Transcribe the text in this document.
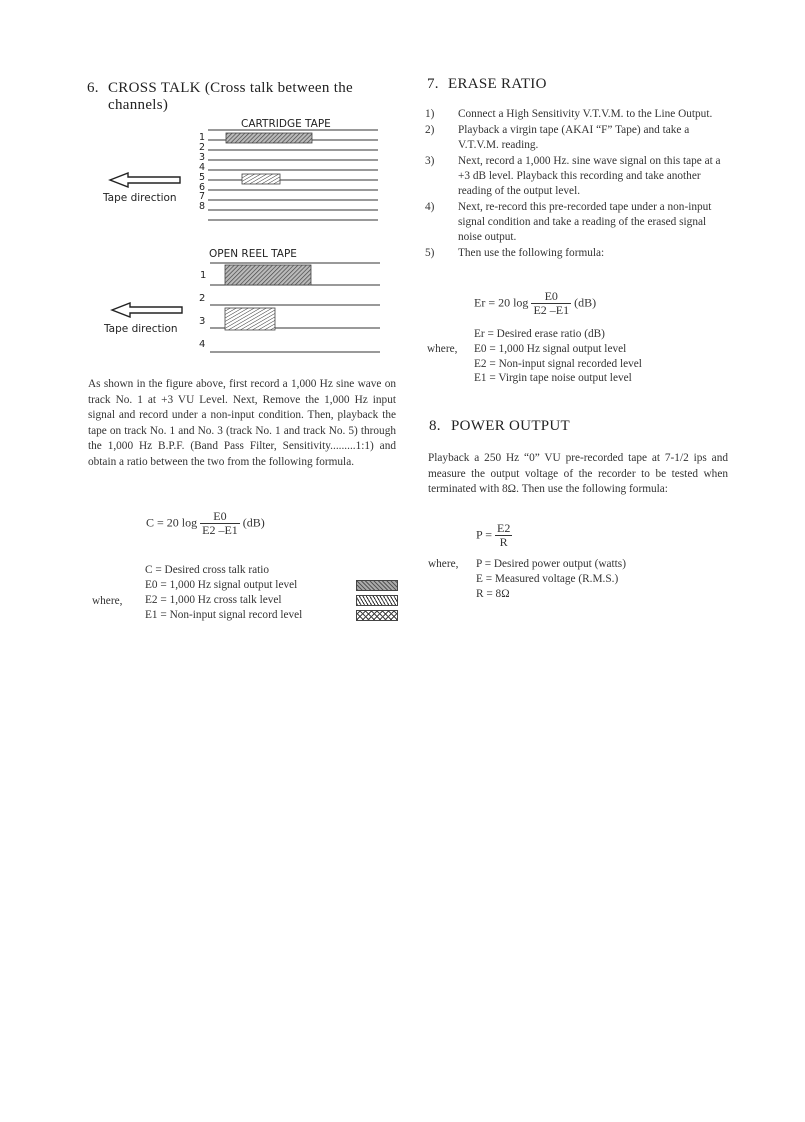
6. CROSS TALK (Cross talk between the
channels)
CARTRIDGE TAPE
1
2
3
4
5
6
7
8
Tape direction
OPEN REEL TAPE
1
2
3
4
Tape direction
As shown in the figure above, first record a 1,000 Hz sine wave on track No. 1 at +3 VU Level. Next, Remove the 1,000 Hz input signal and record under a non-input condition. Then, playback the tape on track No. 1 and No. 3 (track No. 1 and track No. 5) through the 1,000 Hz B.P.F. (Band Pass Filter, Sensitivity.........1:1) and obtain a ratio between the two from the following formula.
C = 20 $\log \frac{E0}{E2 -E1} (dB)$
where,
C = Desired cross talk ratio
E0 = 1,000 Hz signal output level
E2 = 1,000 Hz cross talk level
E1 = Non-input signal record level
7. ERASE RATIO
1) Connect a High Sensitivity V.T.V.M. to the Line Output.
2) Playback a virgin tape (AKAI “F” Tape) and take a V.T.V.M. reading.
3) Next, record a 1,000 Hz. sine wave signal on this tape at a +3 dB level. Playback this recording and take another reading of the output level.
4) Next, re-record this pre-recorded tape under a non-input signal condition and take a reading of the erased signal noise output.
5) Then use the following formula:
Er = 20 $\log \frac{E0}{E2 -E1} (dB)$
Er = Desired erase ratio (dB)
where, E0 = 1,000 Hz signal output level
E2 = Non-input signal recorded level
E1 = Virgin tape noise output level
8. POWER OUTPUT
Playback a 250 Hz “0” VU pre-recorded tape at 7-1/2 ips and measure the output voltage of the recorder to be tested when terminated with 8Ω. Then use the following formula:
$P = \frac{E2}{R}$
where, P = Desired power output (watts)
E = Measured voltage (R.M.S.)
R = 8Ω
